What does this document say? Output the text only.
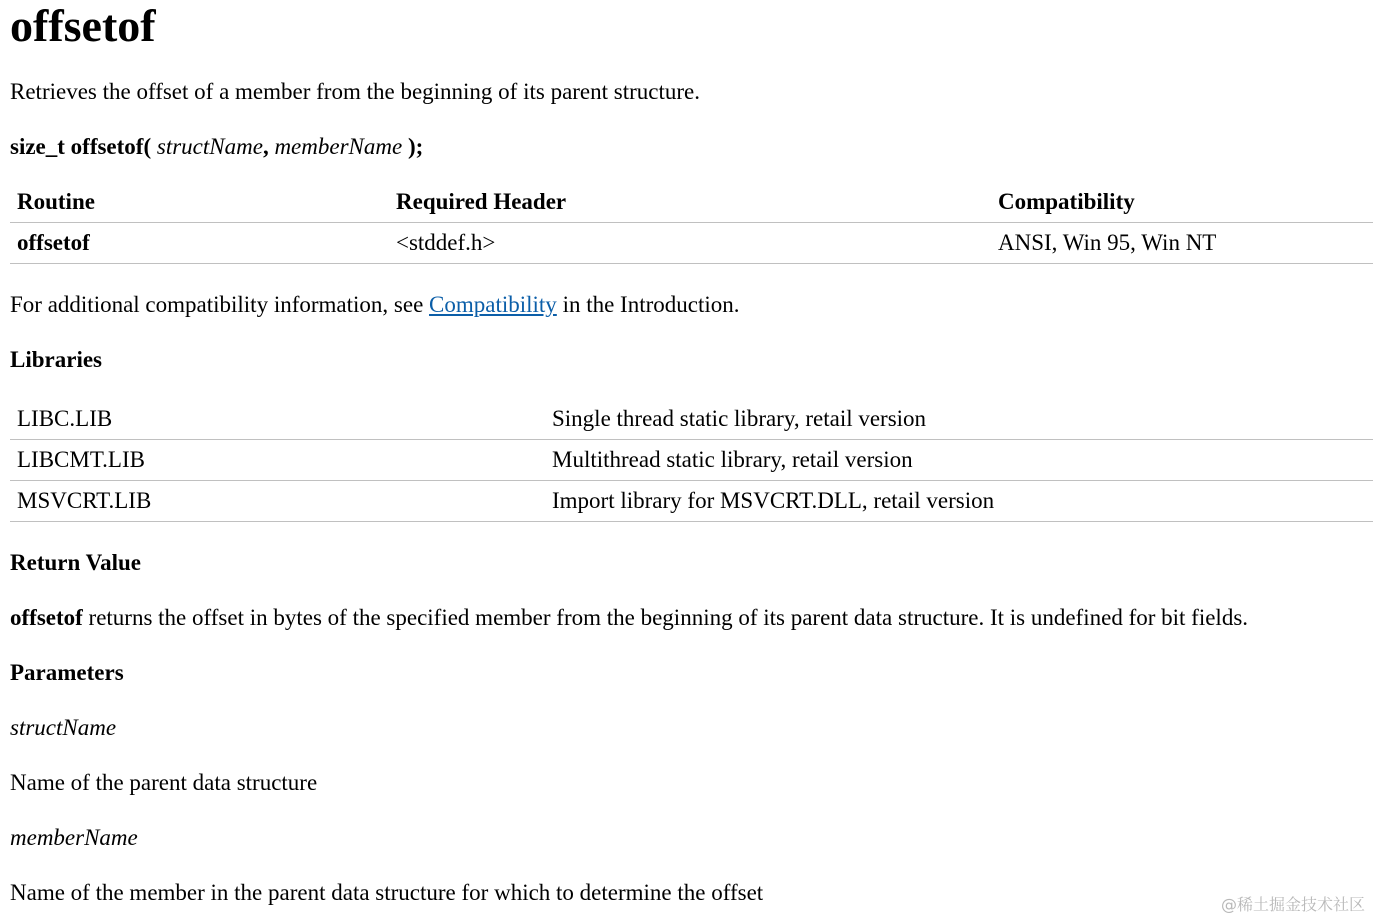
offsetof

Retrieves the offset of a member from the beginning of its parent structure.

size_t offsetof( structName, memberName );

Routine	Required Header	Compatibility
offsetof	<stddef.h>	ANSI, Win 95, Win NT

For additional compatibility information, see Compatibility in the Introduction.

Libraries

LIBC.LIB	Single thread static library, retail version
LIBCMT.LIB	Multithread static library, retail version
MSVCRT.LIB	Import library for MSVCRT.DLL, retail version

Return Value

offsetof returns the offset in bytes of the specified member from the beginning of its parent data structure. It is undefined for bit fields.

Parameters

structName

Name of the parent data structure

memberName

Name of the member in the parent data structure for which to determine the offset	@稀土掘金技术社区
